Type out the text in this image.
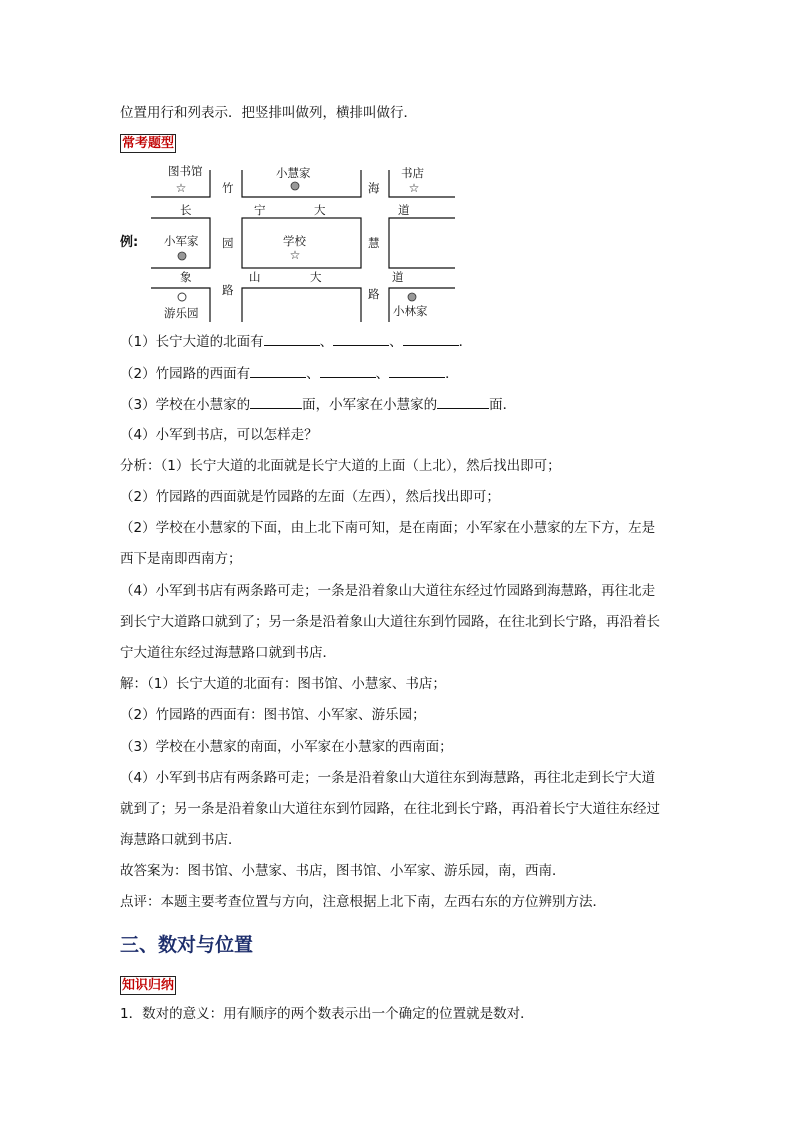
位置用行和列表示．把竖排叫做列，横排叫做行．
常考题型
竹
园
路
海
慧
路
长	宁	大	道
象	山	大	道
例:
图书馆
☆
小慧家	书店
☆
小军家	学校
☆
游乐园	小林家
（1）长宁大道的北面有	、	、	．
（2）竹园路的西面有	、	、	．
（3）学校在小慧家的	面，小军家在小慧家的	面．
（4）小军到书店，可以怎样走？
分析：（1）长宁大道的北面就是长宁大道的上面（上北），然后找出即可；
（2）竹园路的西面就是竹园路的左面（左西），然后找出即可；
（2）学校在小慧家的下面，由上北下南可知，是在南面；小军家在小慧家的左下方，左是
西下是南即西南方；
（4）小军到书店有两条路可走；一条是沿着象山大道往东经过竹园路到海慧路，再往北走
到长宁大道路口就到了；另一条是沿着象山大道往东到竹园路，在往北到长宁路，再沿着长
宁大道往东经过海慧路口就到书店．
解：（1）长宁大道的北面有：图书馆、小慧家、书店；
（2）竹园路的西面有：图书馆、小军家、游乐园；
（3）学校在小慧家的南面，小军家在小慧家的西南面；
（4）小军到书店有两条路可走；一条是沿着象山大道往东到海慧路，再往北走到长宁大道
就到了；另一条是沿着象山大道往东到竹园路，在往北到长宁路，再沿着长宁大道往东经过
海慧路口就到书店．
故答案为：图书馆、小慧家、书店，图书馆、小军家、游乐园，南，西南．
点评：本题主要考查位置与方向，注意根据上北下南，左西右东的方位辨别方法．
三、数对与位置
知识归纳
1．数对的意义：用有顺序的两个数表示出一个确定的位置就是数对．
